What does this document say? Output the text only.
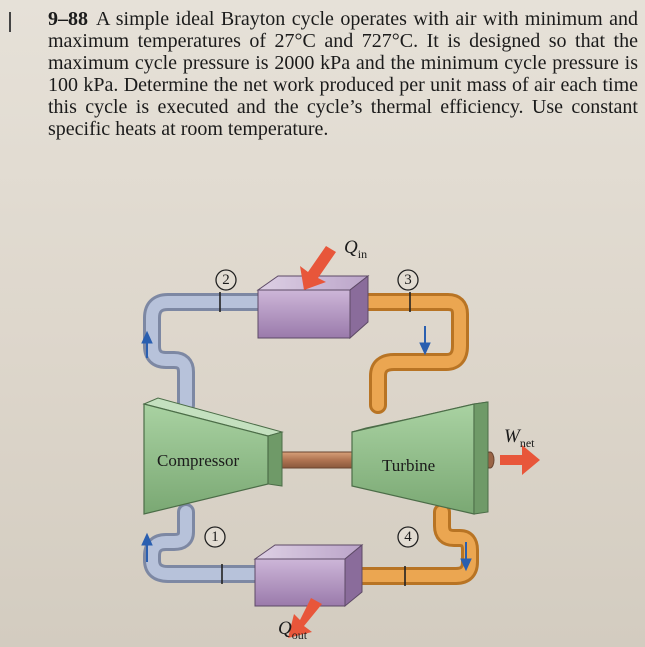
9–88 A simple ideal Brayton cycle operates with air with minimum and maximum temperatures of 27°C and 727°C. It is designed so that the maximum cycle pressure is 2000 kPa and the minimum cycle pressure is 100 kPa. Determine the net work produced per unit mass of air each time this cycle is executed and the cycle’s thermal efficiency. Use constant specific heats at room temperature.
2	3
1	4
Compressor	Turbine
$Q_{in}$
$Q_{out}$
$W_{net}$
